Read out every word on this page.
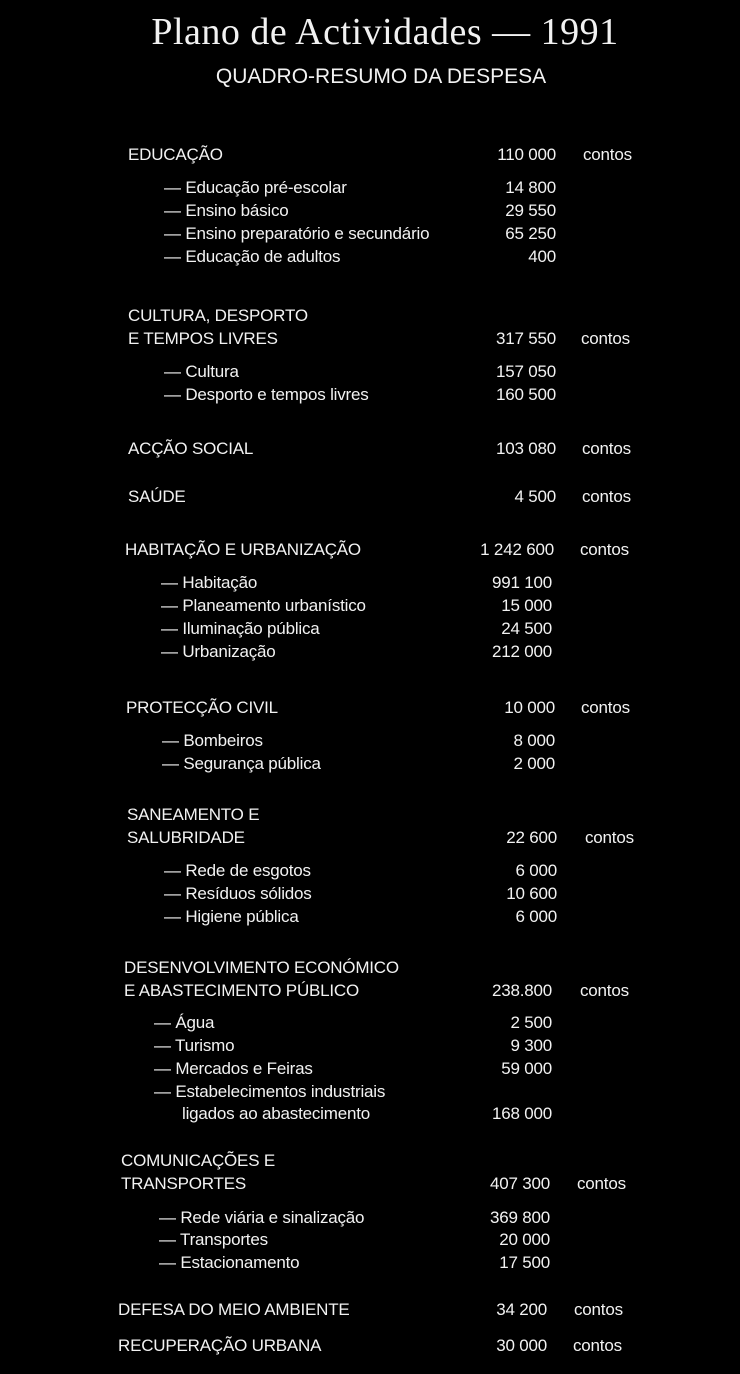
Plano de Actividades — 1991
QUADRO-RESUMO DA DESPESA
EDUCAÇÃO	110 000 contos
— Educação pré-escolar	14 800
— Ensino básico	29 550
— Ensino preparatório e secundário	65 250
— Educação de adultos	400
CULTURA, DESPORTO
E TEMPOS LIVRES	317 550 contos
— Cultura	157 050
— Desporto e tempos livres	160 500
ACÇÃO SOCIAL	103 080 contos
SAÚDE	4 500 contos
HABITAÇÃO E URBANIZAÇÃO	1 242 600 contos
— Habitação	991 100
— Planeamento urbanístico	15 000
— Iluminação pública	24 500
— Urbanização	212 000
PROTECÇÃO CIVIL	10 000 contos
— Bombeiros	8 000
— Segurança pública	2 000
SANEAMENTO E
SALUBRIDADE	22 600 contos
— Rede de esgotos	6 000
— Resíduos sólidos	10 600
— Higiene pública	6 000
DESENVOLVIMENTO ECONÓMICO
E ABASTECIMENTO PÚBLICO	238.800 contos
— Água	2 500
— Turismo	9 300
— Mercados e Feiras	59 000
— Estabelecimentos industriais
ligados ao abastecimento	168 000
COMUNICAÇÕES E
TRANSPORTES	407 300 contos
— Rede viária e sinalização	369 800
— Transportes	20 000
— Estacionamento	17 500
DEFESA DO MEIO AMBIENTE	34 200 contos
RECUPERAÇÃO URBANA	30 000 contos
